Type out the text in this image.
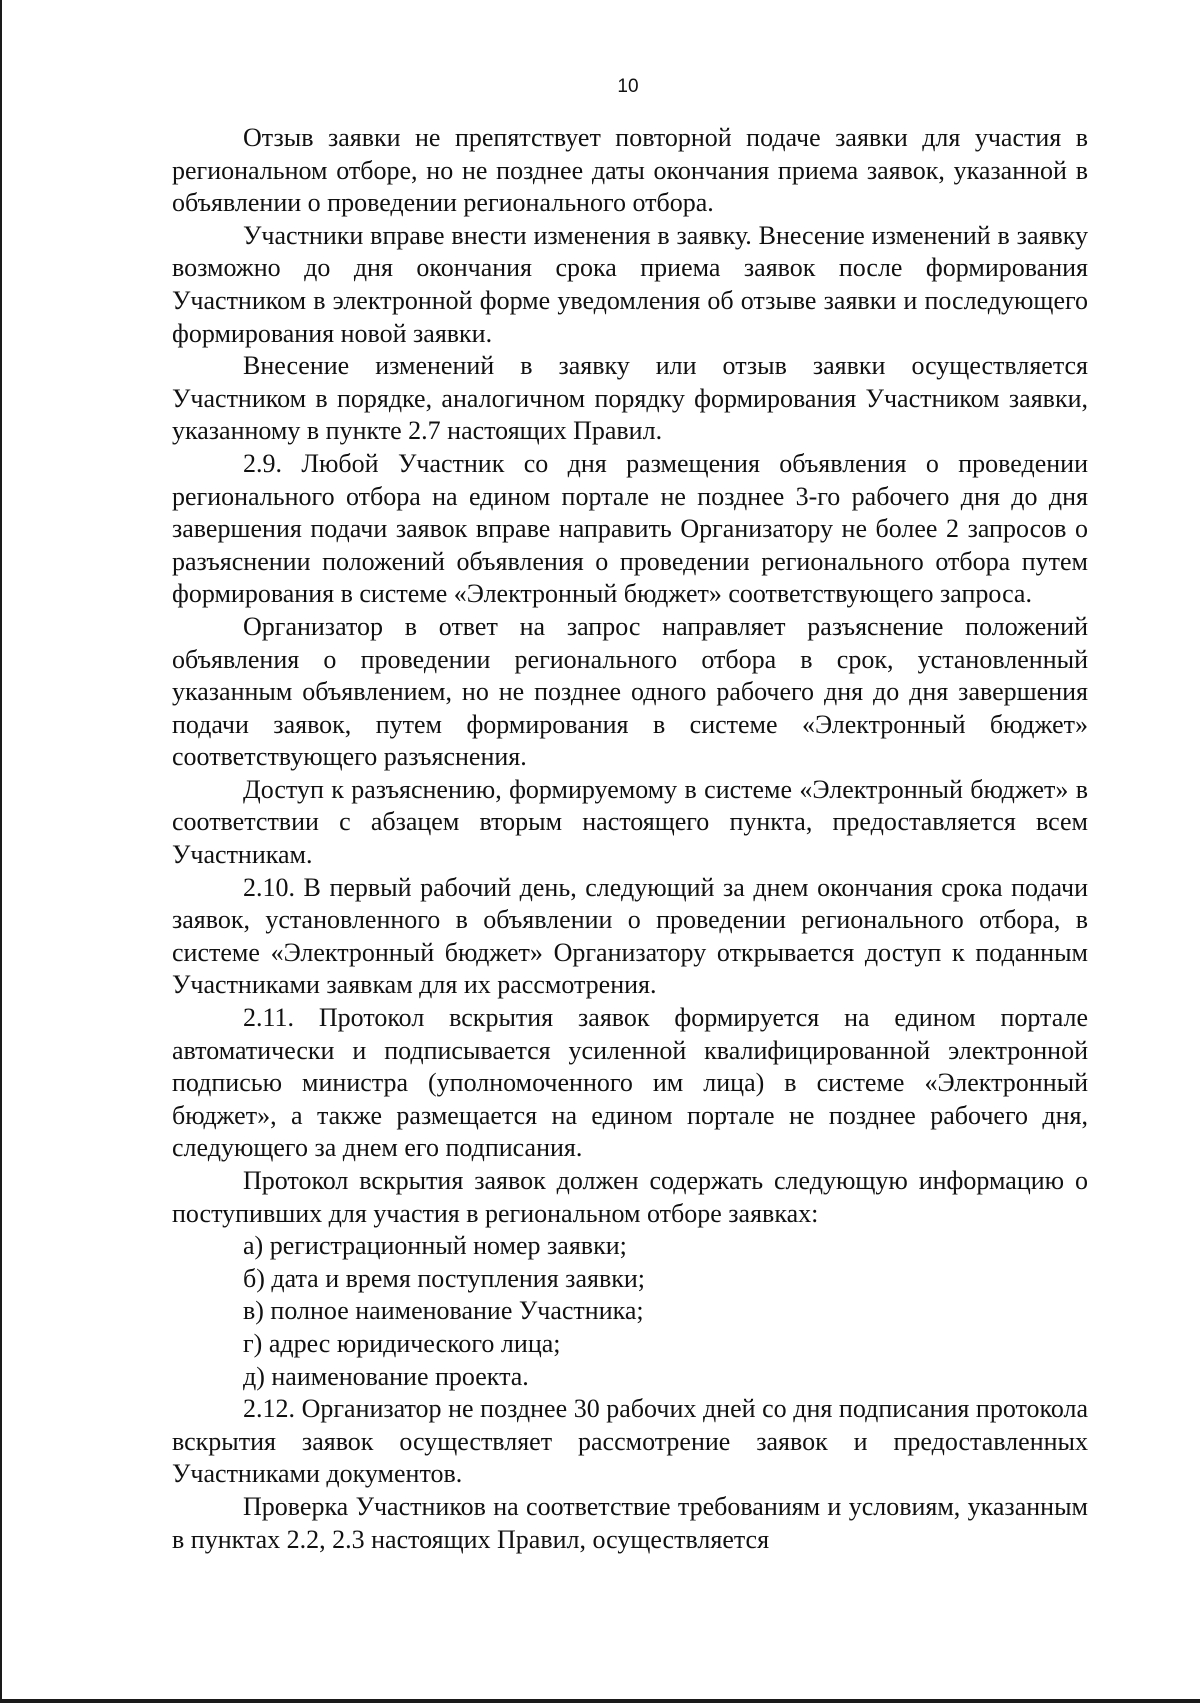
10

Отзыв заявки не препятствует повторной подаче заявки для участия в региональном отборе, но не позднее даты окончания приема заявок, указанной в объявлении о проведении регионального отбора.

Участники вправе внести изменения в заявку. Внесение изменений в заявку возможно до дня окончания срока приема заявок после формирования Участником в электронной форме уведомления об отзыве заявки и последующего формирования новой заявки.

Внесение изменений в заявку или отзыв заявки осуществляется Участником в порядке, аналогичном порядку формирования Участником заявки, указанному в пункте 2.7 настоящих Правил.

2.9. Любой Участник со дня размещения объявления о проведении регионального отбора на едином портале не позднее 3-го рабочего дня до дня завершения подачи заявок вправе направить Организатору не более 2 запросов о разъяснении положений объявления о проведении регионального отбора путем формирования в системе «Электронный бюджет» соответствующего запроса.

Организатор в ответ на запрос направляет разъяснение положений объявления о проведении регионального отбора в срок, установленный указанным объявлением, но не позднее одного рабочего дня до дня завершения подачи заявок, путем формирования в системе «Электронный бюджет» соответствующего разъяснения.

Доступ к разъяснению, формируемому в системе «Электронный бюджет» в соответствии с абзацем вторым настоящего пункта, предоставляется всем Участникам.

2.10. В первый рабочий день, следующий за днем окончания срока подачи заявок, установленного в объявлении о проведении регионального отбора, в системе «Электронный бюджет» Организатору открывается доступ к поданным Участниками заявкам для их рассмотрения.

2.11. Протокол вскрытия заявок формируется на едином портале автоматически и подписывается усиленной квалифицированной электронной подписью министра (уполномоченного им лица) в системе «Электронный бюджет», а также размещается на едином портале не позднее рабочего дня, следующего за днем его подписания.

Протокол вскрытия заявок должен содержать следующую информацию о поступивших для участия в региональном отборе заявках:

а) регистрационный номер заявки;

б) дата и время поступления заявки;

в) полное наименование Участника;

г) адрес юридического лица;

д) наименование проекта.

2.12. Организатор не позднее 30 рабочих дней со дня подписания протокола вскрытия заявок осуществляет рассмотрение заявок и предоставленных Участниками документов.

Проверка Участников на соответствие требованиям и условиям, указанным в пунктах 2.2, 2.3 настоящих Правил, осуществляется
